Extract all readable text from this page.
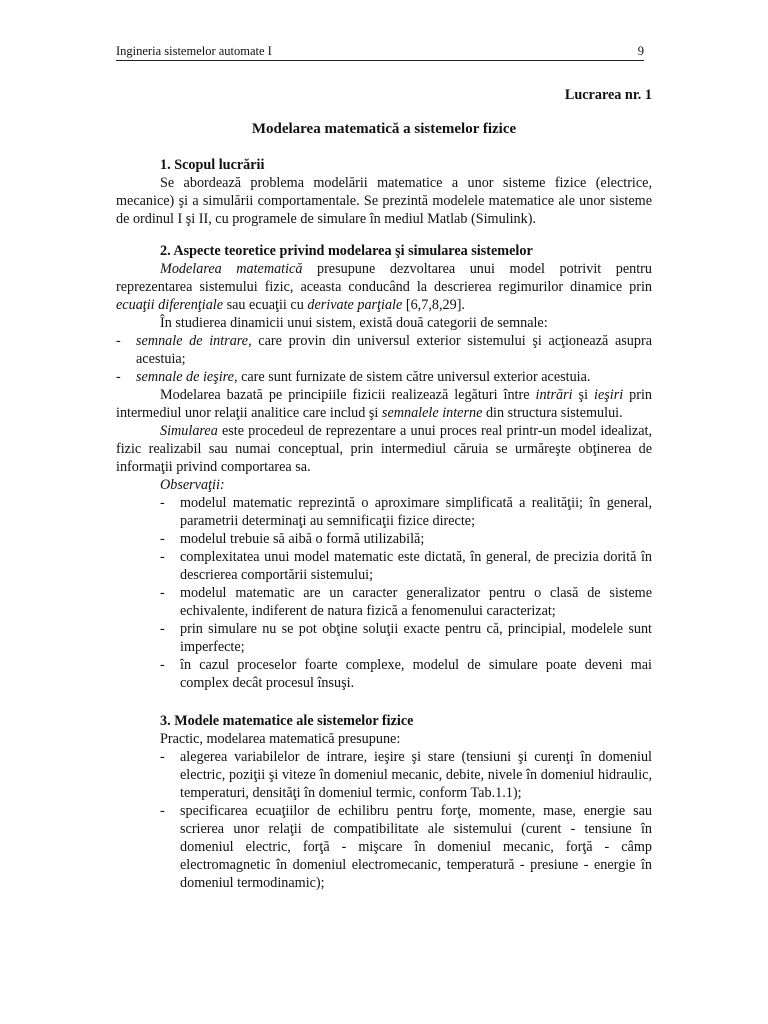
Ingineria sistemelor automate I	9
Lucrarea nr. 1
Modelarea matematică a sistemelor fizice
1. Scopul lucrării

Se abordează problema modelării matematice a unor sisteme fizice (electrice, mecanice) şi a simulării comportamentale. Se prezintă modelele matematice ale unor sisteme de ordinul I şi II, cu programele de simulare în mediul Matlab (Simulink).

2. Aspecte teoretice privind modelarea şi simularea sistemelor

Modelarea matematică presupune dezvoltarea unui model potrivit pentru reprezentarea sistemului fizic, aceasta conducând la descrierea regimurilor dinamice prin ecuaţii diferenţiale sau ecuaţii cu derivate parţiale [6,7,8,29].

În studierea dinamicii unui sistem, există două categorii de semnale:

- semnale de intrare, care provin din universul exterior sistemului şi acţionează asupra acestuia;
- semnale de ieşire, care sunt furnizate de sistem către universul exterior acestuia.

Modelarea bazată pe principiile fizicii realizează legături între intrări şi ieşiri prin intermediul unor relaţii analitice care includ şi semnalele interne din structura sistemului.

Simularea este procedeul de reprezentare a unui proces real printr-un model idealizat, fizic realizabil sau numai conceptual, prin intermediul căruia se urmăreşte obţinerea de informaţii privind comportarea sa.

Observaţii:

- modelul matematic reprezintă o aproximare simplificată a realităţii; în general, parametrii determinaţi au semnificaţii fizice directe;
- modelul trebuie să aibă o formă utilizabilă;
- complexitatea unui model matematic este dictată, în general, de precizia dorită în descrierea comportării sistemului;
- modelul matematic are un caracter generalizator pentru o clasă de sisteme echivalente, indiferent de natura fizică a fenomenului caracterizat;
- prin simulare nu se pot obţine soluţii exacte pentru că, principial, modelele sunt imperfecte;
- în cazul proceselor foarte complexe, modelul de simulare poate deveni mai complex decât procesul însuşi.
3. Modele matematice ale sistemelor fizice

Practic, modelarea matematică presupune:

- alegerea variabilelor de intrare, ieşire şi stare (tensiuni şi curenţi în domeniul electric, poziţii şi viteze în domeniul mecanic, debite, nivele în domeniul hidraulic, temperaturi, densităţi în domeniul termic, conform Tab.1.1);
- specificarea ecuaţiilor de echilibru pentru forţe, momente, mase, energie sau scrierea unor relaţii de compatibilitate ale sistemului (curent - tensiune în domeniul electric, forţă - mişcare în domeniul mecanic, forţă - câmp electromagnetic în domeniul electromecanic, temperatură - presiune - energie în domeniul termodinamic);
